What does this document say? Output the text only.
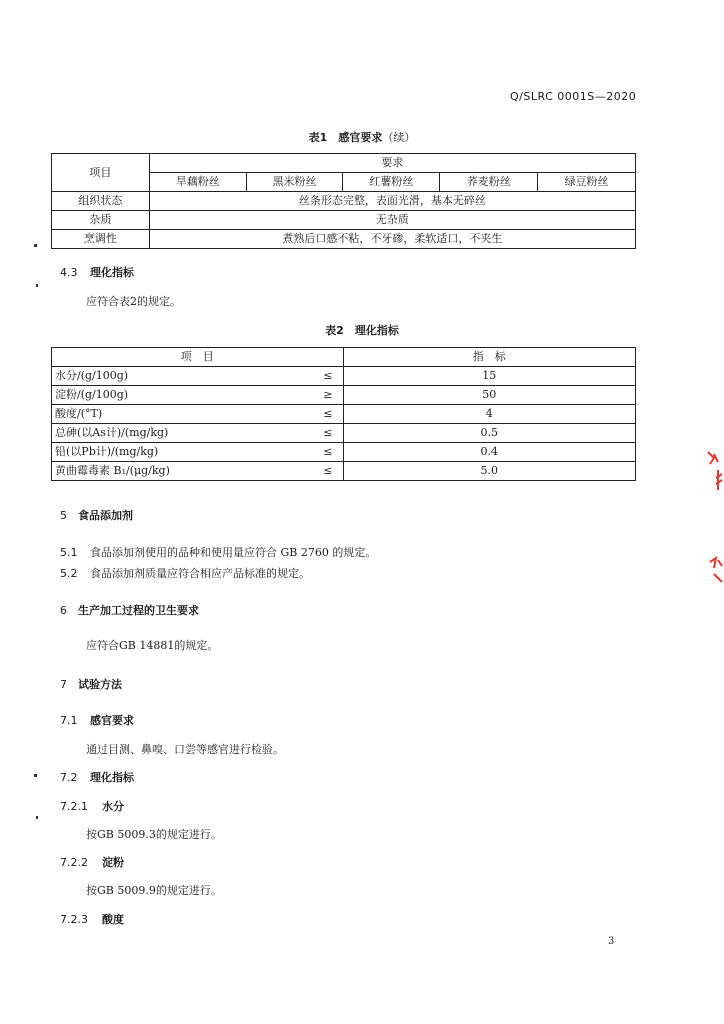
Q/SLRC 0001S—2020
表1　感官要求（续）
项目	要求				
	旱藕粉丝	黑米粉丝	红薯粉丝	荞麦粉丝	绿豆粉丝
组织状态	丝条形态完整，表面光滑，基本无碎丝				
杂质	无杂质				
烹调性	煮熟后口感不粘，不牙碜，柔软适口，不夹生				
4.3 理化指标
应符合表2的规定。
表2　理化指标
项　目		指　标
水分/(g/100g)	≤	15
淀粉/(g/100g)	≥	50
酸度/(°T)	≤	4
总砷(以As计)/(mg/kg)	≤	0.5
铅(以Pb计)/(mg/kg)	≤	0.4
黄曲霉毒素 B₁/(μg/kg)	≤	5.0
5 食品添加剂
5.1 食品添加剂使用的品种和使用量应符合 GB 2760 的规定。
5.2 食品添加剂质量应符合相应产品标准的规定。
6 生产加工过程的卫生要求
应符合GB 14881的规定。
7 试验方法
7.1 感官要求
通过目测、鼻嗅、口尝等感官进行检验。
7.2 理化指标
7.2.1 水分
按GB 5009.3的规定进行。
7.2.2 淀粉
按GB 5009.9的规定进行。
7.2.3 酸度
3
